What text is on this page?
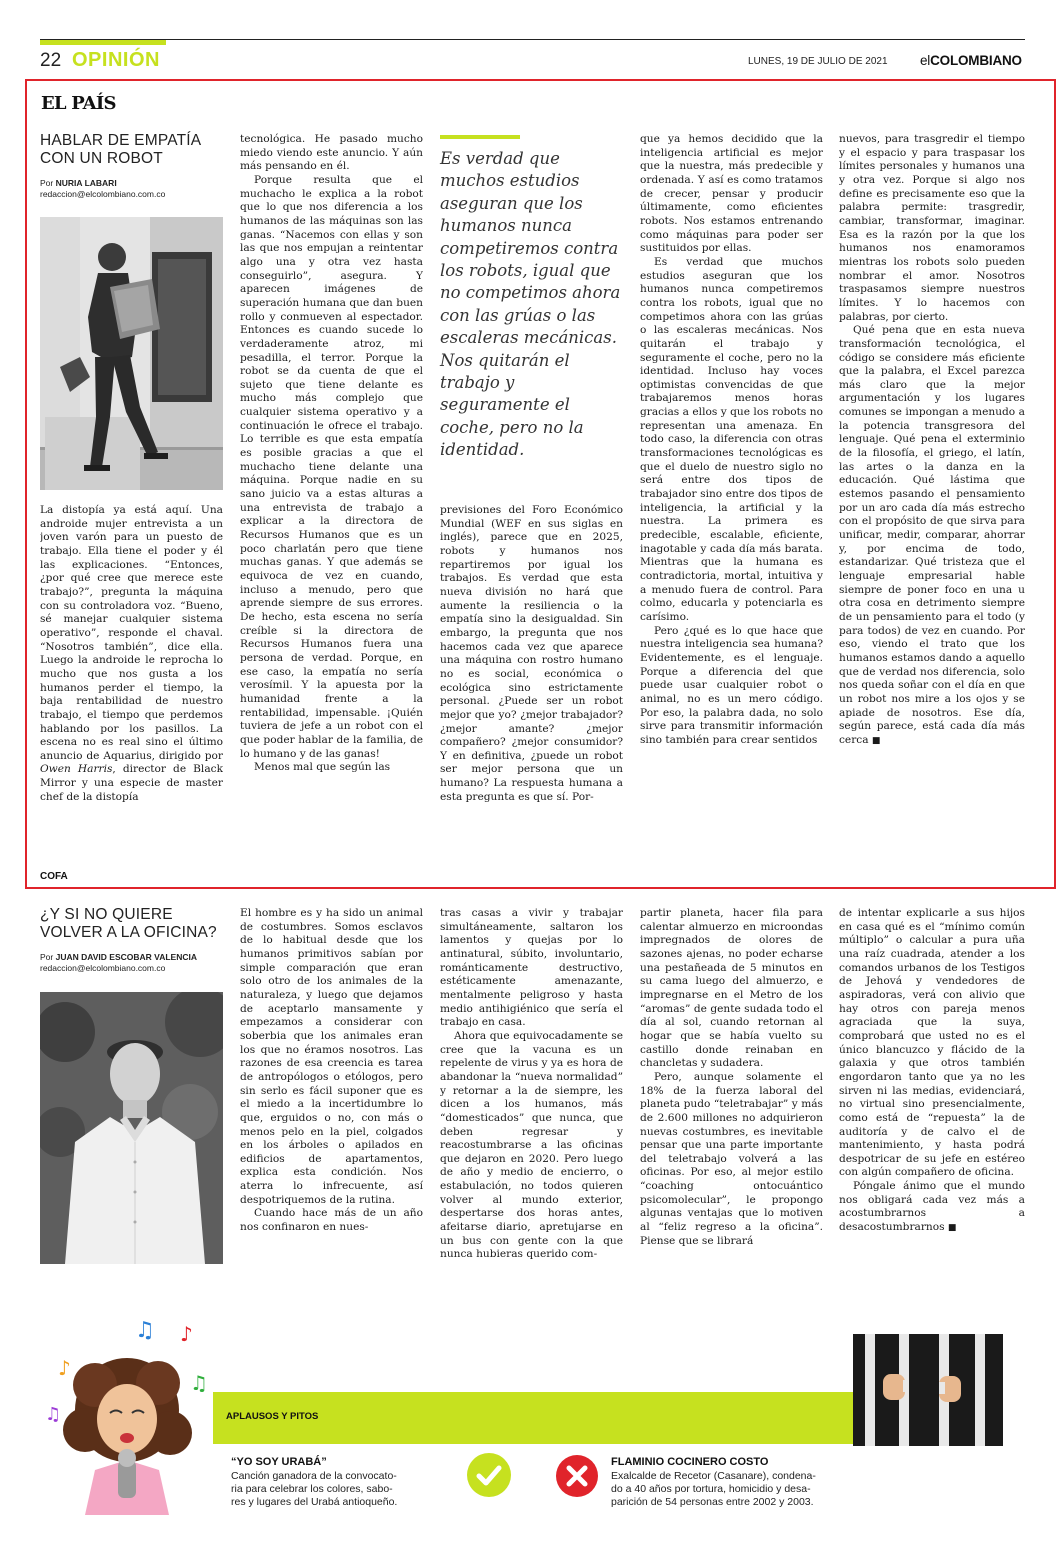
22 OPINIÓN	LUNES, 19 DE JULIO DE 2021 elCOLOMBIANO
EL PAÍS
HABLAR DE EMPATÍA
CON UN ROBOT
Por NURIA LABARI
redaccion@elcolombiano.com.co

La distopía ya está aquí. Una androide mujer entrevista a un joven varón para un puesto de trabajo. Ella tiene el poder y él las explicaciones. “Entonces, ¿por qué cree que merece este trabajo?”, pregunta la máquina con su controladora voz. “Bueno, sé manejar cualquier sistema operativo”, responde el chaval. “Nosotros también”, dice ella. Luego la androide le reprocha lo mucho que nos gusta a los humanos perder el tiempo, la baja rentabilidad de nuestro trabajo, el tiempo que perdemos hablando por los pasillos. La escena no es real sino el último anuncio de Aquarius, dirigido por Owen Harris, director de Black Mirror y una especie de master chef de la distopía

tecnológica. He pasado mucho miedo viendo este anuncio. Y aún más pensando en él.

Porque resulta que el muchacho le explica a la robot que lo que nos diferencia a los humanos de las máquinas son las ganas. “Nacemos con ellas y son las que nos empujan a reintentar algo una y otra vez hasta conseguirlo”, asegura. Y aparecen imágenes de superación humana que dan buen rollo y conmueven al espectador. Entonces es cuando sucede lo verdaderamente atroz, mi pesadilla, el terror. Porque la robot se da cuenta de que el sujeto que tiene delante es mucho más complejo que cualquier sistema operativo y a continuación le ofrece el trabajo. Lo terrible es que esta empatía es posible gracias a que el muchacho tiene delante una máquina. Porque nadie en su sano juicio va a estas alturas a una entrevista de trabajo a explicar a la directora de Recursos Humanos que es un poco charlatán pero que tiene muchas ganas. Y que además se equivoca de vez en cuando, incluso a menudo, pero que aprende siempre de sus errores. De hecho, esta escena no sería creíble si la directora de Recursos Humanos fuera una persona de verdad. Porque, en ese caso, la empatía no sería verosímil. Y la apuesta por la humanidad frente a la rentabilidad, impensable. ¡Quién tuviera de jefe a un robot con el que poder hablar de la familia, de lo humano y de las ganas!

Menos mal que según las

Es verdad que muchos estudios aseguran que los humanos nunca competiremos contra los robots, igual que no competimos ahora con las grúas o las escaleras mecánicas. Nos quitarán el trabajo y seguramente el coche, pero no la identidad.

previsiones del Foro Económico Mundial (WEF en sus siglas en inglés), parece que en 2025, robots y humanos nos repartiremos por igual los trabajos. Es verdad que esta nueva división no hará que aumente la resiliencia o la empatía sino la desigualdad. Sin embargo, la pregunta que nos hacemos cada vez que aparece una máquina con rostro humano no es social, económica o ecológica sino estrictamente personal. ¿Puede ser un robot mejor que yo? ¿mejor trabajador? ¿mejor amante? ¿mejor compañero? ¿mejor consumidor? Y en definitiva, ¿puede un robot ser mejor persona que un humano? La respuesta humana a esta pregunta es que sí. Por-

que ya hemos decidido que la inteligencia artificial es mejor que la nuestra, más predecible y ordenada. Y así es como tratamos de crecer, pensar y producir últimamente, como eficientes robots. Nos estamos entrenando como máquinas para poder ser sustituidos por ellas.

Es verdad que muchos estudios aseguran que los humanos nunca competiremos contra los robots, igual que no competimos ahora con las grúas o las escaleras mecánicas. Nos quitarán el trabajo y seguramente el coche, pero no la identidad. Incluso hay voces optimistas convencidas de que trabajaremos menos horas gracias a ellos y que los robots no representan una amenaza. En todo caso, la diferencia con otras transformaciones tecnológicas es que el duelo de nuestro siglo no será entre dos tipos de trabajador sino entre dos tipos de inteligencia, la artificial y la nuestra. La primera es predecible, escalable, eficiente, inagotable y cada día más barata. Mientras que la humana es contradictoria, mortal, intuitiva y a menudo fuera de control. Para colmo, educarla y potenciarla es carísimo.

Pero ¿qué es lo que hace que nuestra inteligencia sea humana? Evidentemente, es el lenguaje. Porque a diferencia del que puede usar cualquier robot o animal, no es un mero código. Por eso, la palabra dada, no solo sirve para transmitir información sino también para crear sentidos

nuevos, para trasgredir el tiempo y el espacio y para traspasar los límites personales y humanos una y otra vez. Porque si algo nos define es precisamente eso que la palabra permite: trasgredir, cambiar, transformar, imaginar. Esa es la razón por la que los humanos nos enamoramos mientras los robots solo pueden nombrar el amor. Nosotros traspasamos siempre nuestros límites. Y lo hacemos con palabras, por cierto.

Qué pena que en esta nueva transformación tecnológica, el código se considere más eficiente que la palabra, el Excel parezca más claro que la mejor argumentación y los lugares comunes se impongan a menudo a la potencia transgresora del lenguaje. Qué pena el exterminio de la filosofía, el griego, el latín, las artes o la danza en la educación. Qué lástima que estemos pasando el pensamiento por un aro cada día más estrecho con el propósito de que sirva para unificar, medir, comparar, ahorrar y, por encima de todo, estandarizar. Qué tristeza que el lenguaje empresarial hable siempre de poner foco en una u otra cosa en detrimento siempre de un pensamiento para el todo (y para todos) de vez en cuando. Por eso, viendo el trato que los humanos estamos dando a aquello que de verdad nos diferencia, solo nos queda soñar con el día en que un robot nos mire a los ojos y se apiade de nosotros. Ese día, según parece, está cada día más cerca ■

COFA
¿Y SI NO QUIERE
VOLVER A LA OFICINA?
Por JUAN DAVID ESCOBAR VALENCIA
redaccion@elcolombiano.com.co

El hombre es y ha sido un animal de costumbres. Somos esclavos de lo habitual desde que los humanos primitivos sabían por simple comparación que eran solo otro de los animales de la naturaleza, y luego que dejamos de aceptarlo mansamente y empezamos a considerar con soberbia que los animales eran los que no éramos nosotros. Las razones de esa creencia es tarea de antropólogos o etólogos, pero sin serlo es fácil suponer que es el miedo a la incertidumbre lo que, erguidos o no, con más o menos pelo en la piel, colgados en los árboles o apilados en edificios de apartamentos, explica esta condición. Nos aterra lo infrecuente, así despotriquemos de la rutina.

Cuando hace más de un año nos confinaron en nues-

tras casas a vivir y trabajar simultáneamente, saltaron los lamentos y quejas por lo antinatural, súbito, involuntario, románticamente destructivo, estéticamente amenazante, mentalmente peligroso y hasta medio antihigiénico que sería el trabajo en casa.

Ahora que equivocadamente se cree que la vacuna es un repelente de virus y ya es hora de abandonar la “nueva normalidad” y retornar a la de siempre, les dicen a los humanos, más “domesticados” que nunca, que deben regresar y reacostumbrarse a las oficinas que dejaron en 2020. Pero luego de año y medio de encierro, o estabulación, no todos quieren volver al mundo exterior, despertarse dos horas antes, afeitarse diario, apretujarse en un bus con gente con la que nunca hubieras querido com-

partir planeta, hacer fila para calentar almuerzo en microondas impregnados de olores de sazones ajenas, no poder echarse una pestañeada de 5 minutos en su cama luego del almuerzo, e impregnarse en el Metro de los “aromas” de gente sudada todo el día al sol, cuando retornan al hogar que se había vuelto su castillo donde reinaban en chancletas y sudadera.

Pero, aunque solamente el 18% de la fuerza laboral del planeta pudo “teletrabajar” y más de 2.600 millones no adquirieron nuevas costumbres, es inevitable pensar que una parte importante del teletrabajo volverá a las oficinas. Por eso, al mejor estilo “coaching ontocuántico psicomolecular”, le propongo algunas ventajas que lo motiven al “feliz regreso a la oficina”. Piense que se librará

de intentar explicarle a sus hijos en casa qué es el “mínimo común múltiplo” o calcular a pura uña una raíz cuadrada, atender a los comandos urbanos de los Testigos de Jehová y vendedores de aspiradoras, verá con alivio que hay otros con pareja menos agraciada que la suya, comprobará que usted no es el único blancuzco y flácido de la galaxia y que otros también engordaron tanto que ya no les sirven ni las medias, evidenciará, no virtual sino presencialmente, como está de “repuesta” la de auditoría y de calvo el de mantenimiento, y hasta podrá despotricar de su jefe en estéreo con algún compañero de oficina.

Póngale ánimo que el mundo nos obligará cada vez más a acostumbrarnos a desacostumbrarnos ■

APLAUSOS Y PITOS
♫ ♪
♪
♫
♫
“YO SOY URABÁ”
Canción ganadora de la convocato-
ria para celebrar los colores, sabo-
res y lugares del Urabá antioqueño.
FLAMINIO COCINERO COSTO
Exalcalde de Recetor (Casanare), condena-
do a 40 años por tortura, homicidio y desa-
parición de 54 personas entre 2002 y 2003.
